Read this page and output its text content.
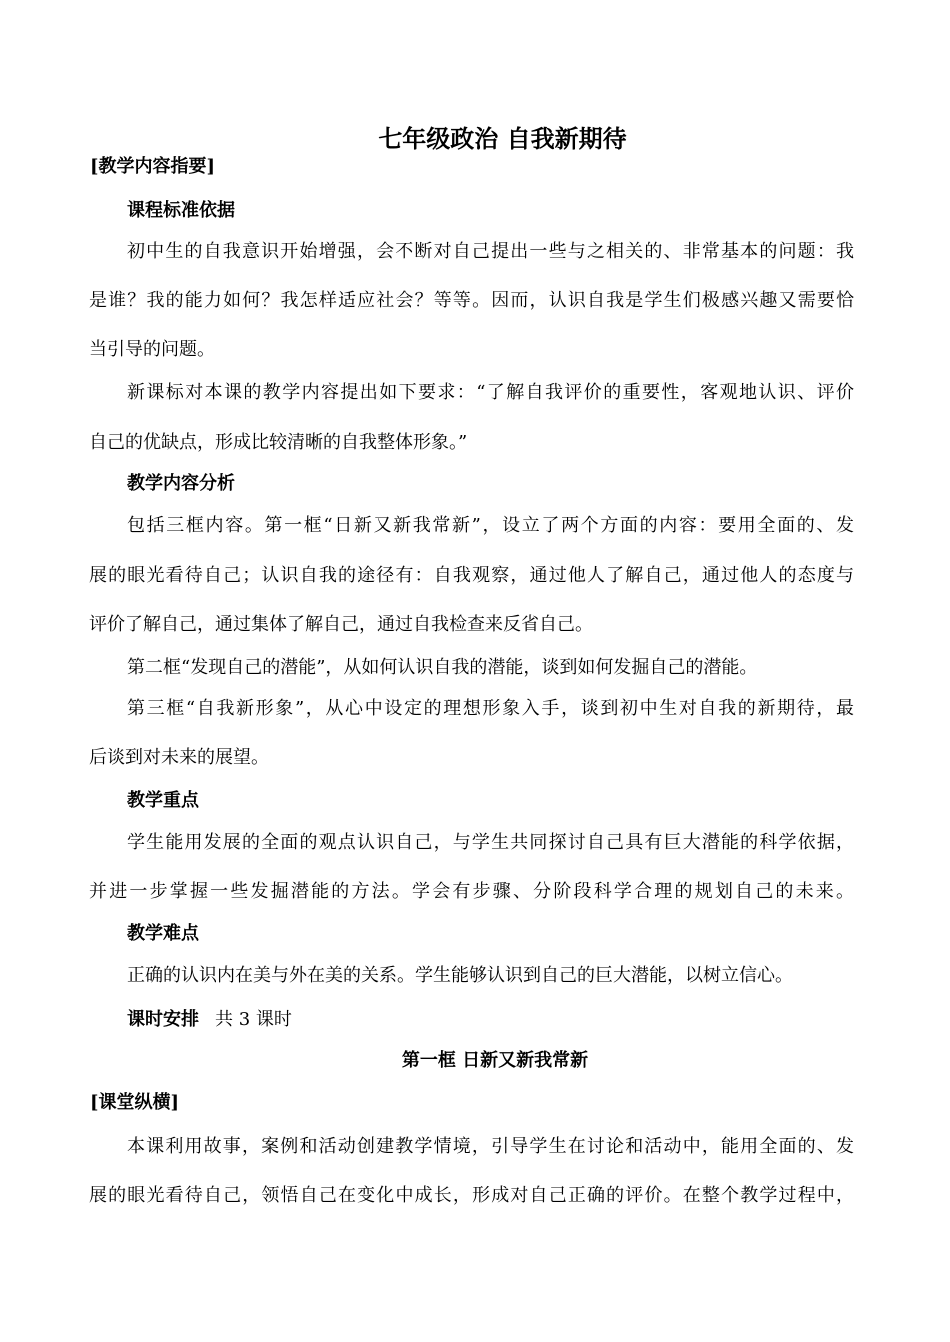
七年级政治 自我新期待
[教学内容指要]
课程标准依据
初中生的自我意识开始增强，会不断对自己提出一些与之相关的、非常基本的问题：我
是谁？我的能力如何？我怎样适应社会？等等。因而，认识自我是学生们极感兴趣又需要恰
当引导的问题。
新课标对本课的教学内容提出如下要求：“了解自我评价的重要性，客观地认识、评价
自己的优缺点，形成比较清晰的自我整体形象。”
教学内容分析
包括三框内容。第一框“日新又新我常新”，设立了两个方面的内容：要用全面的、发
展的眼光看待自己；认识自我的途径有：自我观察，通过他人了解自己，通过他人的态度与
评价了解自己，通过集体了解自己，通过自我检查来反省自己。
第二框“发现自己的潜能”，从如何认识自我的潜能，谈到如何发掘自己的潜能。
第三框“自我新形象”，从心中设定的理想形象入手，谈到初中生对自我的新期待，最
后谈到对未来的展望。
教学重点
学生能用发展的全面的观点认识自己，与学生共同探讨自己具有巨大潜能的科学依据，
并进一步掌握一些发掘潜能的方法。学会有步骤、分阶段科学合理的规划自己的未来。
教学难点
正确的认识内在美与外在美的关系。学生能够认识到自己的巨大潜能，以树立信心。
课时安排 共 3 课时
第一框 日新又新我常新
[课堂纵横]
本课利用故事，案例和活动创建教学情境，引导学生在讨论和活动中，能用全面的、发
展的眼光看待自己，领悟自己在变化中成长，形成对自己正确的评价。在整个教学过程中，
